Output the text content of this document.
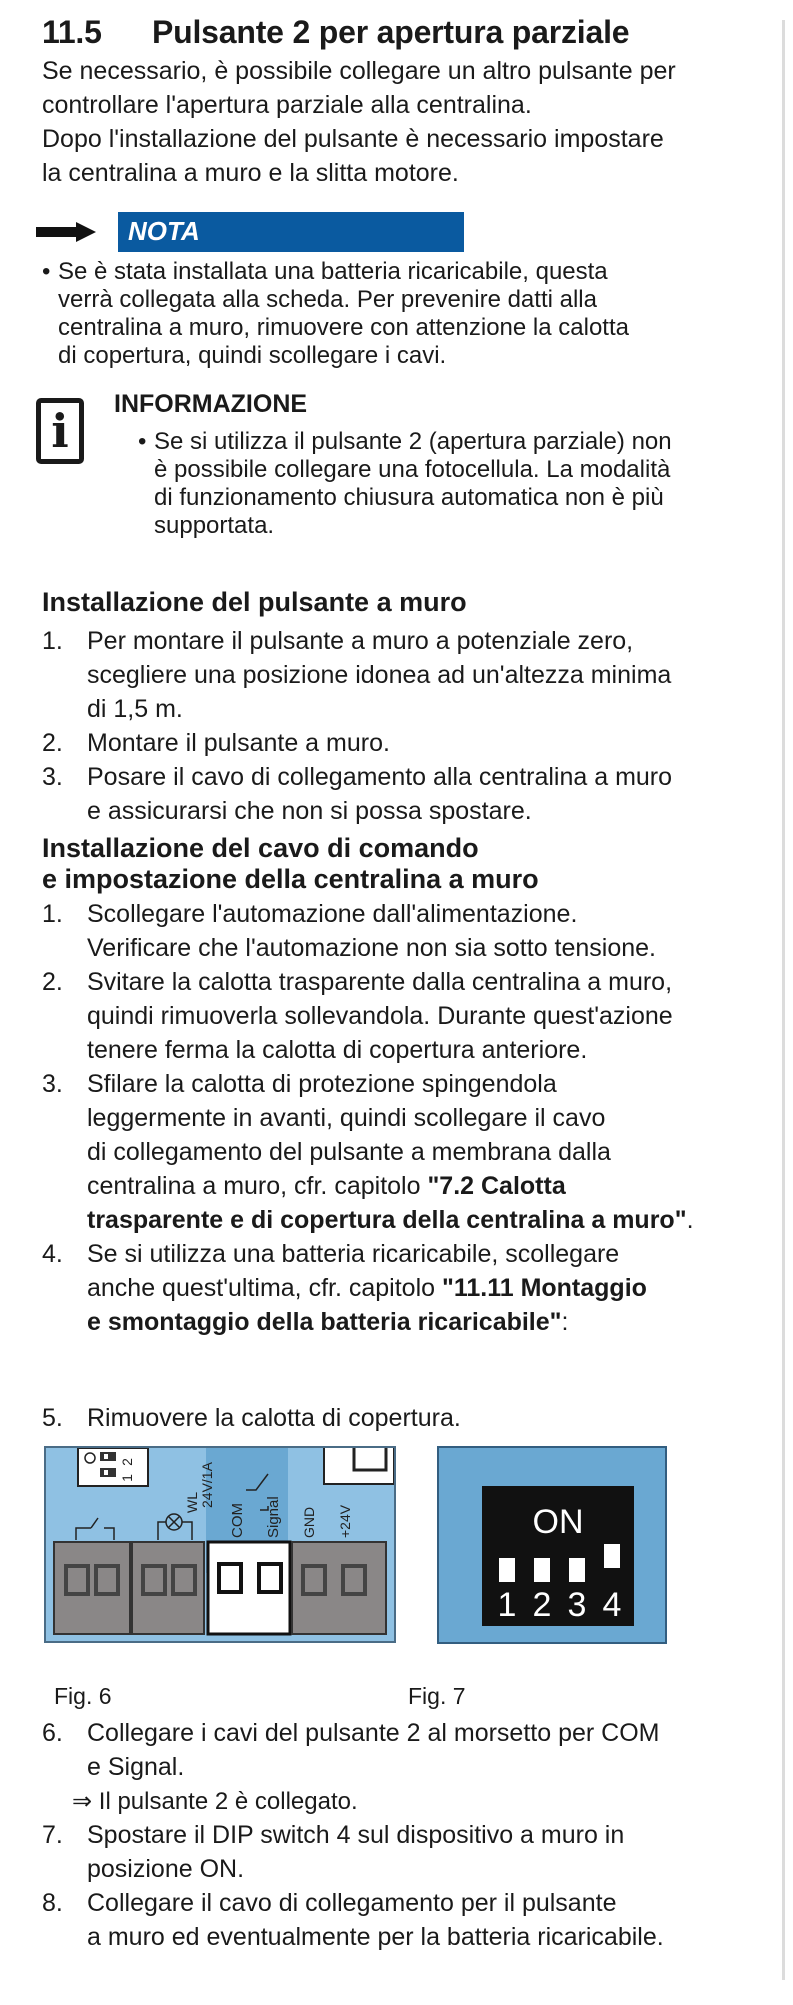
11.5 Pulsante 2 per apertura parziale
Se necessario, è possibile collegare un altro pulsante per
controllare l'apertura parziale alla centralina.
Dopo l'installazione del pulsante è necessario impostare
la centralina a muro e la slitta motore.
NOTA
• Se è stata installata una batteria ricaricabile, questa
verrà collegata alla scheda. Per prevenire datti alla
centralina a muro, rimuovere con attenzione la calotta
di copertura, quindi scollegare i cavi.
i	INFORMAZIONE
• Se si utilizza il pulsante 2 (apertura parziale) non
è possibile collegare una fotocellula. La modalità
di funzionamento chiusura automatica non è più
supportata.
Installazione del pulsante a muro
1. Per montare il pulsante a muro a potenziale zero,
scegliere una posizione idonea ad un'altezza minima
di 1,5 m.
2. Montare il pulsante a muro.
3. Posare il cavo di collegamento alla centralina a muro
e assicurarsi che non si possa spostare.
Installazione del cavo di comando
e impostazione della centralina a muro
1. Scollegare l'automazione dall'alimentazione.
Verificare che l'automazione non sia sotto tensione.
2. Svitare la calotta trasparente dalla centralina a muro,
quindi rimuoverla sollevandola. Durante quest'azione
tenere ferma la calotta di copertura anteriore.
3. Sfilare la calotta di protezione spingendola
leggermente in avanti, quindi scollegare il cavo
di collegamento del pulsante a membrana dalla
centralina a muro, cfr. capitolo "7.2 Calotta
trasparente e di copertura della centralina a muro".
4. Se si utilizza una batteria ricaricabile, scollegare
anche quest'ultima, cfr. capitolo "11.11 Montaggio
e smontaggio della batteria ricaricabile":
5. Rimuovere la calotta di copertura.
2
1
WL 24V/1A
COM Signal GND +24V	ON
1 2 3 4
Fig. 6	Fig. 7
6. Collegare i cavi del pulsante 2 al morsetto per COM
e Signal.
⇒ Il pulsante 2 è collegato.
7. Spostare il DIP switch 4 sul dispositivo a muro in
posizione ON.
8. Collegare il cavo di collegamento per il pulsante
a muro ed eventualmente per la batteria ricaricabile.
